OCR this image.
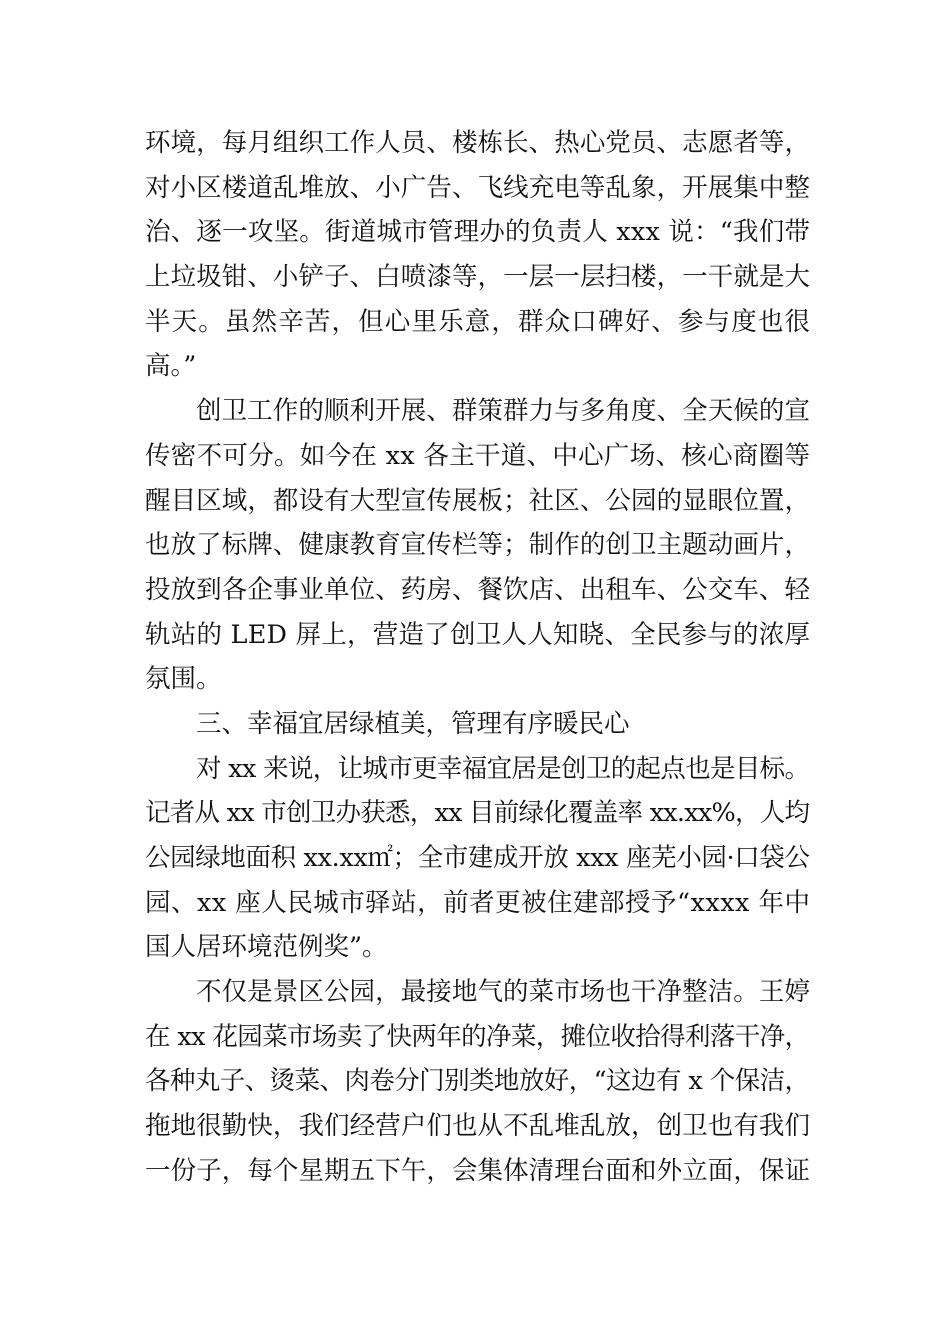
环境，每月组织工作人员、楼栋长、热心党员、志愿者等，
对小区楼道乱堆放、小广告、飞线充电等乱象，开展集中整
治、逐一攻坚。街道城市管理办的负责人 xxx 说：“我们带
上垃圾钳、小铲子、白喷漆等，一层一层扫楼，一干就是大
半天。虽然辛苦，但心里乐意，群众口碑好、参与度也很
高。”
创卫工作的顺利开展、群策群力与多角度、全天候的宣
传密不可分。如今在 xx 各主干道、中心广场、核心商圈等
醒目区域，都设有大型宣传展板；社区、公园的显眼位置，
也放了标牌、健康教育宣传栏等；制作的创卫主题动画片，
投放到各企事业单位、药房、餐饮店、出租车、公交车、轻
轨站的 LED 屏上，营造了创卫人人知晓、全民参与的浓厚
氛围。
三、幸福宜居绿植美，管理有序暖民心
对 xx 来说，让城市更幸福宜居是创卫的起点也是目标。
记者从 xx 市创卫办获悉，xx 目前绿化覆盖率 xx.xx%，人均
公园绿地面积 xx.xx㎡；全市建成开放 xxx 座芜小园·口袋公
园、xx 座人民城市驿站，前者更被住建部授予“xxxx 年中
国人居环境范例奖”。
不仅是景区公园，最接地气的菜市场也干净整洁。王婷
在 xx 花园菜市场卖了快两年的净菜，摊位收拾得利落干净，
各种丸子、烫菜、肉卷分门别类地放好，“这边有 x 个保洁，
拖地很勤快，我们经营户们也从不乱堆乱放，创卫也有我们
一份子，每个星期五下午，会集体清理台面和外立面，保证
